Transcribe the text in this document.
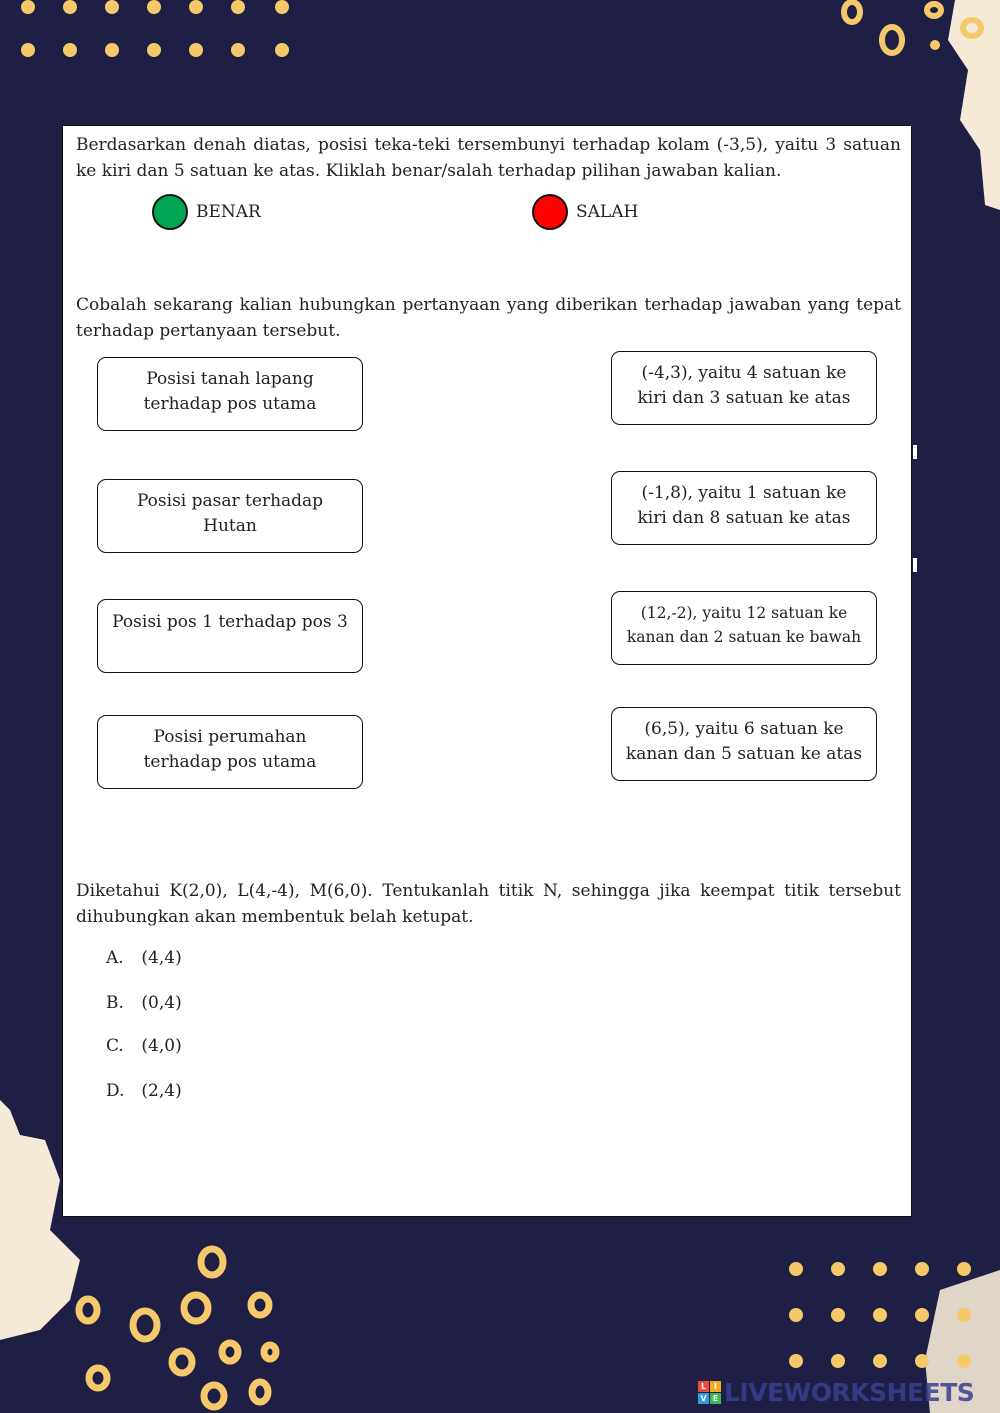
Berdasarkan denah diatas, posisi teka-teki tersembunyi terhadap kolam (-3,5), yaitu 3 satuan ke kiri dan 5 satuan ke atas. Kliklah benar/salah terhadap pilihan jawaban kalian.
BENAR	SALAH
Cobalah sekarang kalian hubungkan pertanyaan yang diberikan terhadap jawaban yang tepat terhadap pertanyaan tersebut.
Posisi tanah lapang
terhadap pos utama
Posisi pasar terhadap
Hutan
Posisi pos 1 terhadap pos 3
Posisi perumahan
terhadap pos utama
(-4,3), yaitu 4 satuan ke
kiri dan 3 satuan ke atas
(-1,8), yaitu 1 satuan ke
kiri dan 8 satuan ke atas
(12,-2), yaitu 12 satuan ke
kanan dan 2 satuan ke bawah
(6,5), yaitu 6 satuan ke
kanan dan 5 satuan ke atas
Diketahui K(2,0), L(4,-4), M(6,0). Tentukanlah titik N, sehingga jika keempat titik tersebut dihubungkan akan membentuk belah ketupat.
A. (4,4)
B. (0,4)
C. (4,0)
D. (2,4)
L I
V E LIVEWORKSHEETS
